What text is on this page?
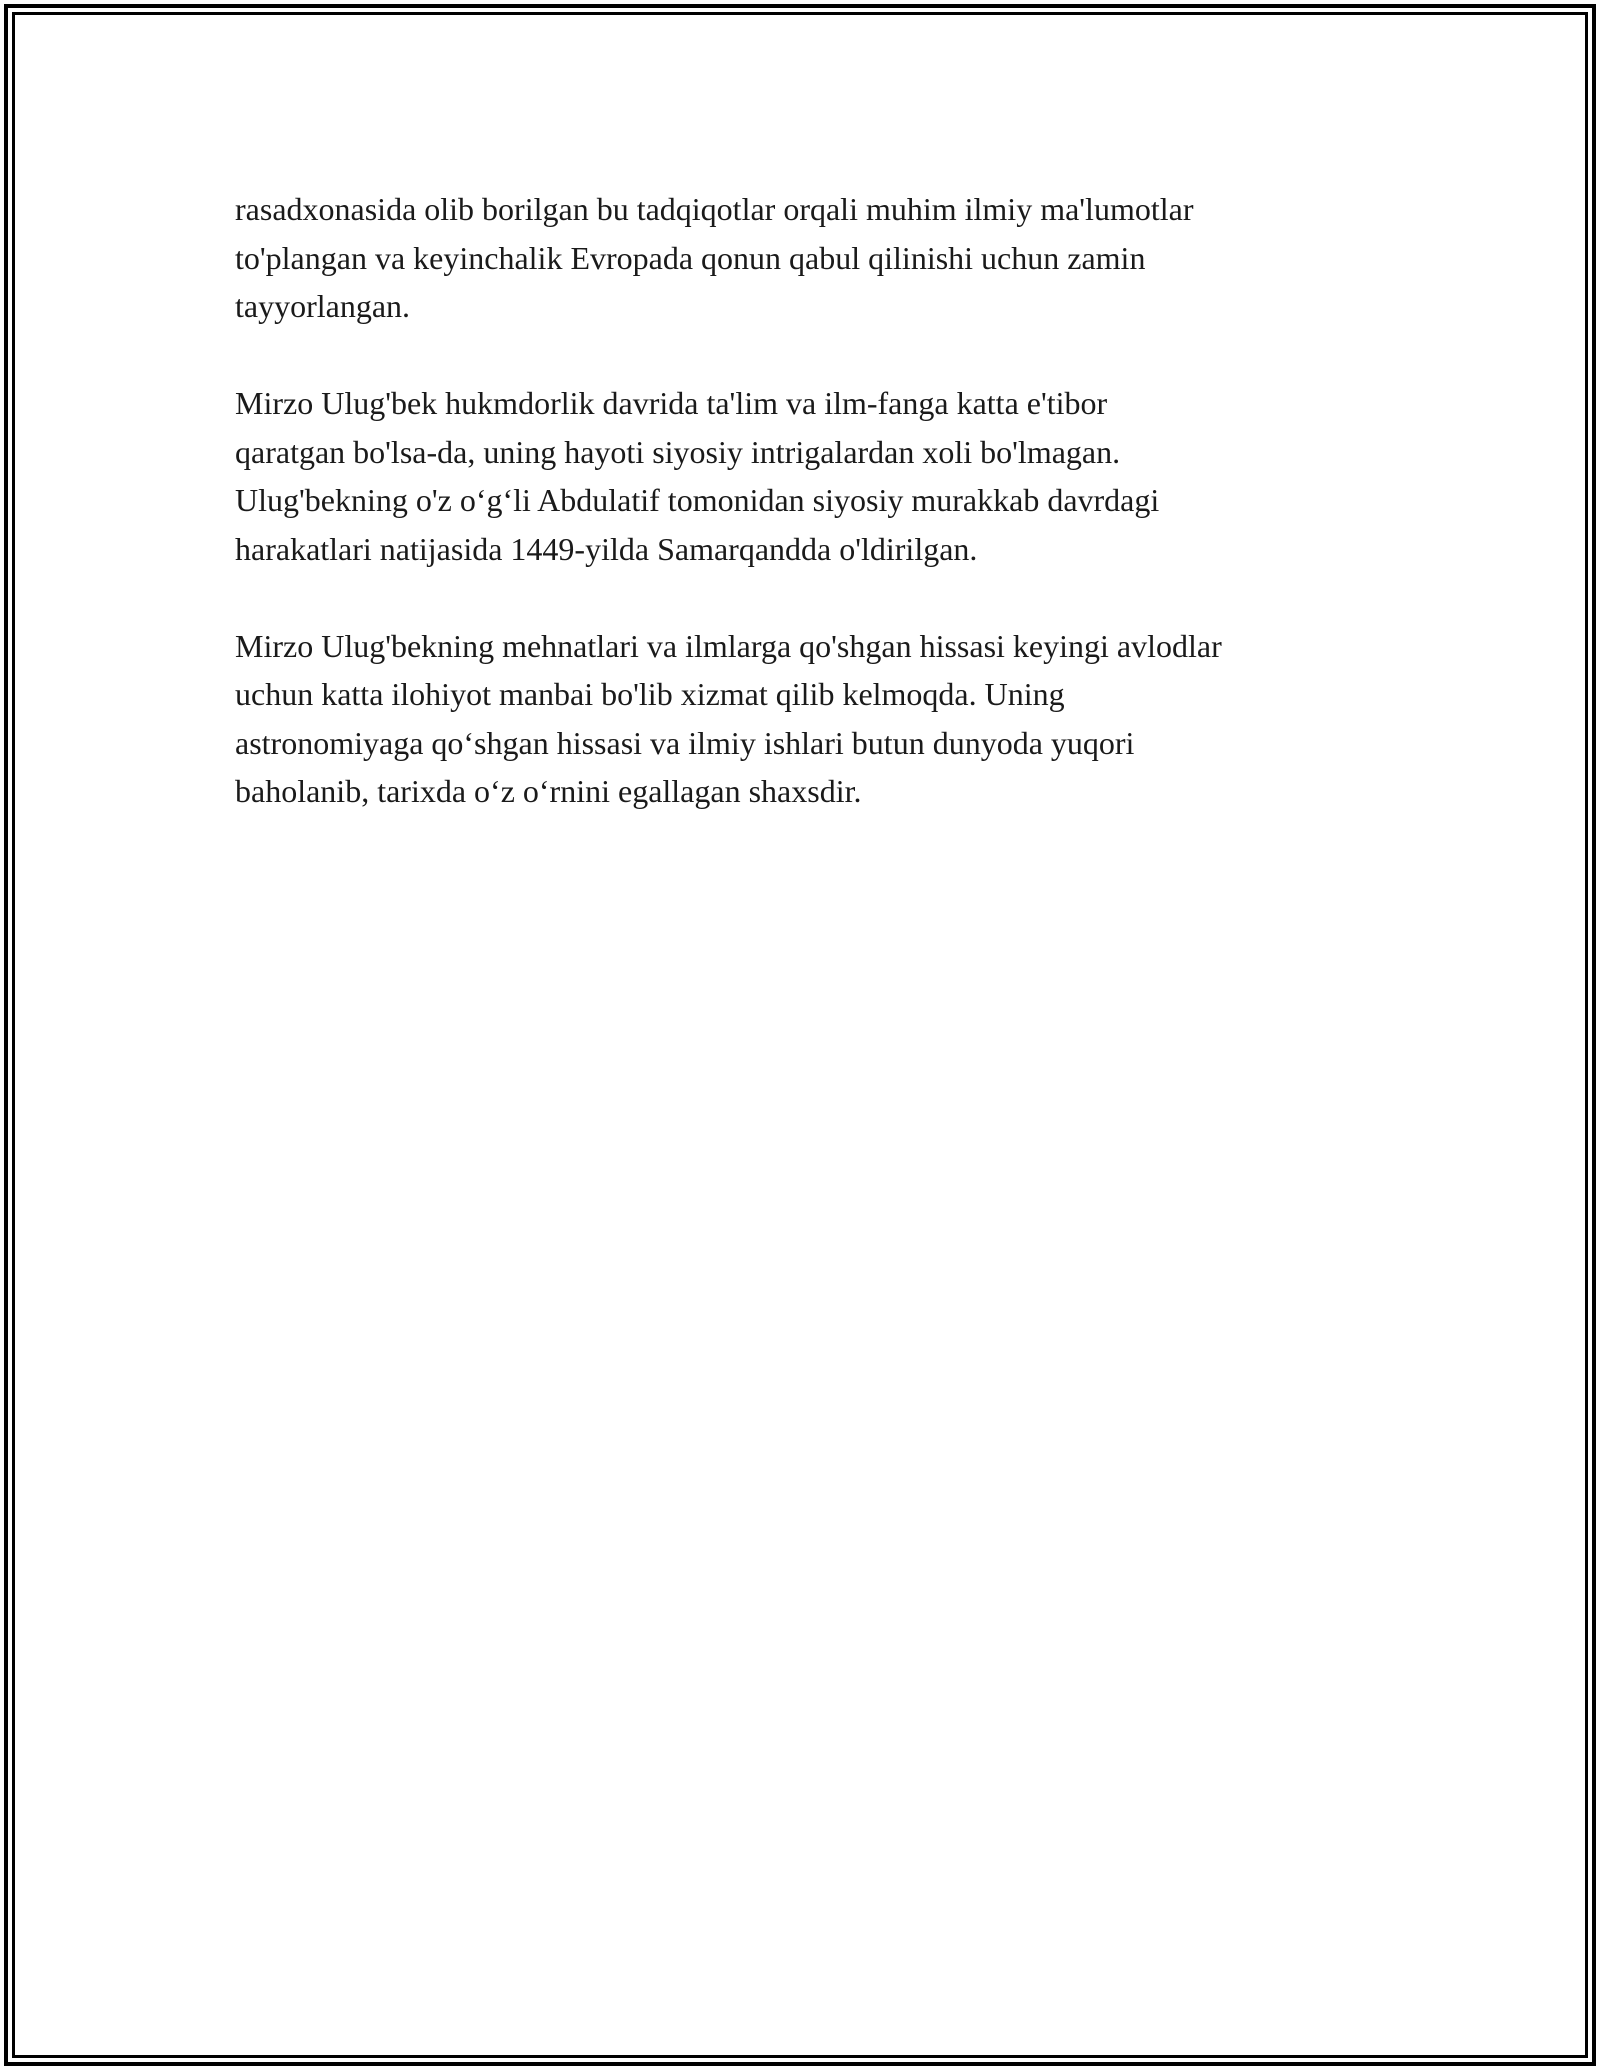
rasadxonasida olib borilgan bu tadqiqotlar orqali muhim ilmiy ma'lumotlar
to'plangan va keyinchalik Evropada qonun qabul qilinishi uchun zamin
tayyorlangan.

Mirzo Ulug'bek hukmdorlik davrida ta'lim va ilm-fanga katta e'tibor
qaratgan bo'lsa-da, uning hayoti siyosiy intrigalardan xoli bo'lmagan.
Ulug'bekning o'z o‘g‘li Abdulatif tomonidan siyosiy murakkab davrdagi
harakatlari natijasida 1449-yilda Samarqandda o'ldirilgan.

Mirzo Ulug'bekning mehnatlari va ilmlarga qo'shgan hissasi keyingi avlodlar
uchun katta ilohiyot manbai bo'lib xizmat qilib kelmoqda. Uning
astronomiyaga qo‘shgan hissasi va ilmiy ishlari butun dunyoda yuqori
baholanib, tarixda o‘z o‘rnini egallagan shaxsdir.
